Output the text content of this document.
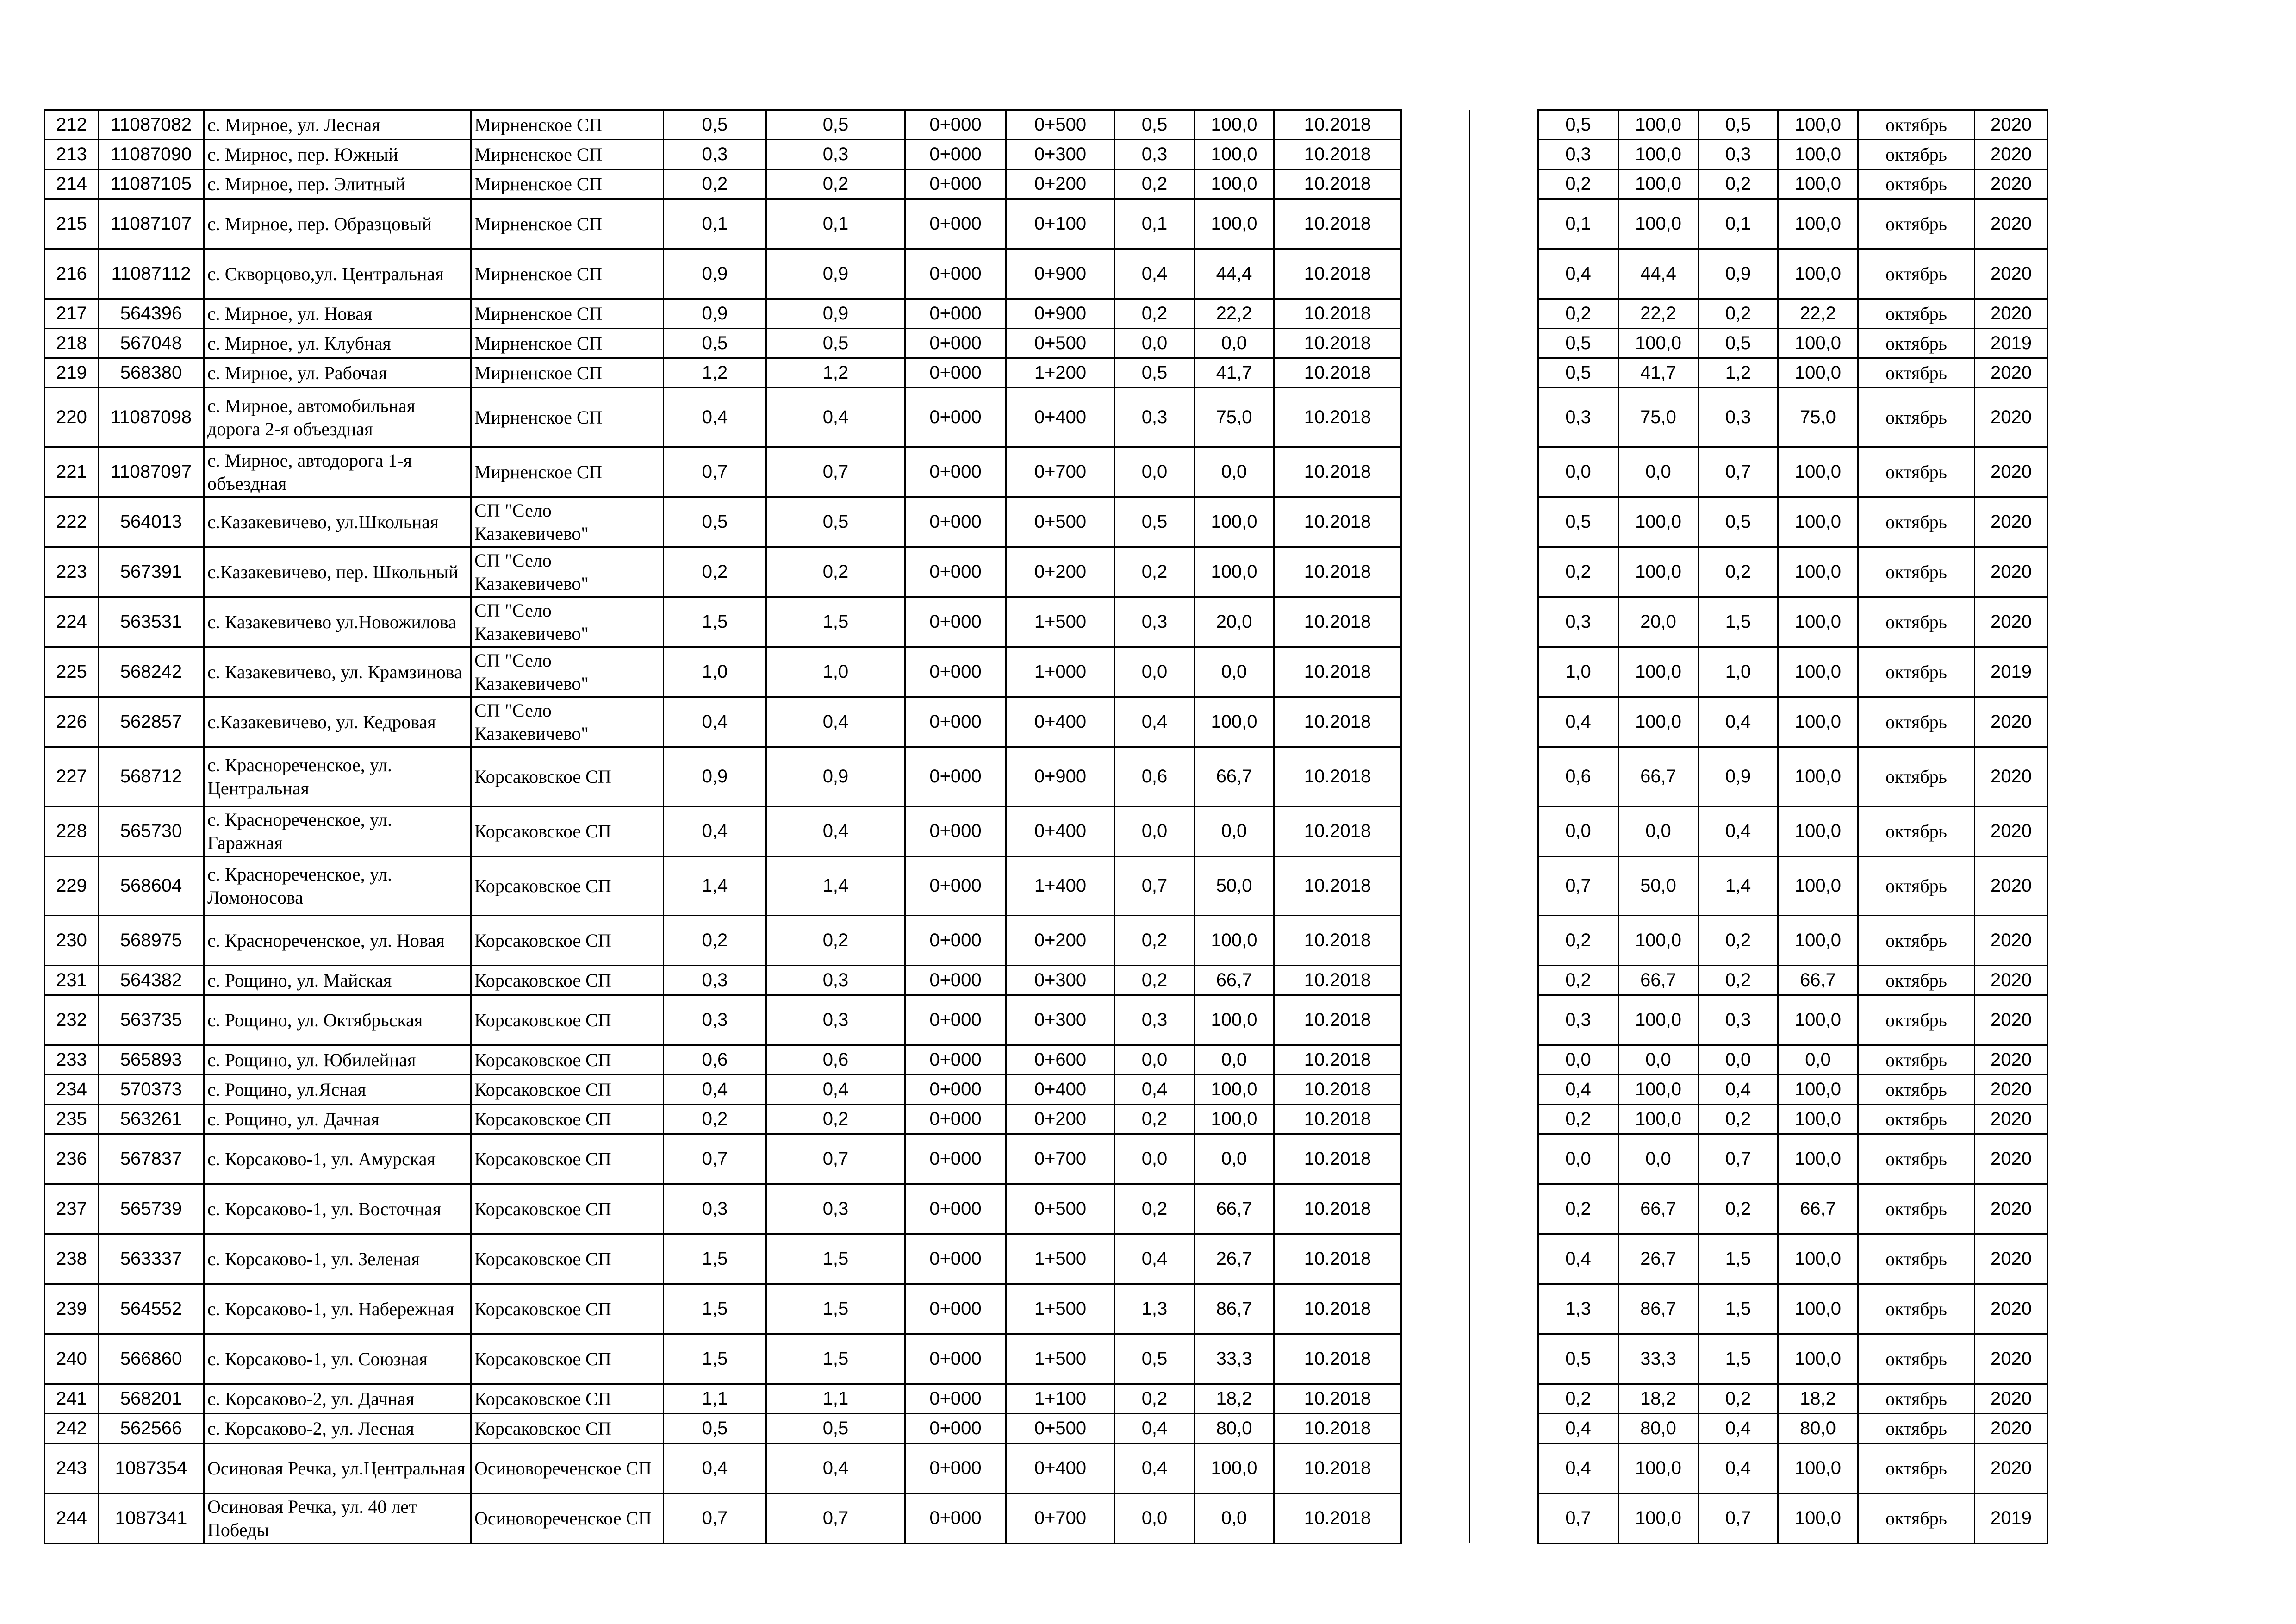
212	11087082	с. Мирное, ул. Лесная	Мирненское СП	0,5	0,5	0+000	0+500	0,5	100,0	10.2018			0,5	100,0	0,5	100,0	октябрь	2020
213	11087090	с. Мирное, пер. Южный	Мирненское СП	0,3	0,3	0+000	0+300	0,3	100,0	10.2018			0,3	100,0	0,3	100,0	октябрь	2020
214	11087105	с. Мирное, пер. Элитный	Мирненское СП	0,2	0,2	0+000	0+200	0,2	100,0	10.2018			0,2	100,0	0,2	100,0	октябрь	2020
215	11087107	с. Мирное, пер. Образцовый	Мирненское СП	0,1	0,1	0+000	0+100	0,1	100,0	10.2018			0,1	100,0	0,1	100,0	октябрь	2020
216	11087112	с. Скворцово,ул. Центральная	Мирненское СП	0,9	0,9	0+000	0+900	0,4	44,4	10.2018			0,4	44,4	0,9	100,0	октябрь	2020
217	564396	с. Мирное, ул. Новая	Мирненское СП	0,9	0,9	0+000	0+900	0,2	22,2	10.2018			0,2	22,2	0,2	22,2	октябрь	2020
218	567048	с. Мирное, ул. Клубная	Мирненское СП	0,5	0,5	0+000	0+500	0,0	0,0	10.2018			0,5	100,0	0,5	100,0	октябрь	2019
219	568380	с. Мирное, ул. Рабочая	Мирненское СП	1,2	1,2	0+000	1+200	0,5	41,7	10.2018			0,5	41,7	1,2	100,0	октябрь	2020
220	11087098	с. Мирное, автомобильная дорога 2-я объездная	Мирненское СП	0,4	0,4	0+000	0+400	0,3	75,0	10.2018			0,3	75,0	0,3	75,0	октябрь	2020
221	11087097	с. Мирное, автодорога 1-я объездная	Мирненское СП	0,7	0,7	0+000	0+700	0,0	0,0	10.2018			0,0	0,0	0,7	100,0	октябрь	2020
222	564013	с.Казакевичево, ул.Школьная	СП "Село Казакевичево"	0,5	0,5	0+000	0+500	0,5	100,0	10.2018			0,5	100,0	0,5	100,0	октябрь	2020
223	567391	с.Казакевичево, пер. Школьный	СП "Село Казакевичево"	0,2	0,2	0+000	0+200	0,2	100,0	10.2018			0,2	100,0	0,2	100,0	октябрь	2020
224	563531	с. Казакевичево ул.Новожилова	СП "Село Казакевичево"	1,5	1,5	0+000	1+500	0,3	20,0	10.2018			0,3	20,0	1,5	100,0	октябрь	2020
225	568242	с. Казакевичево, ул. Крамзинова	СП "Село Казакевичево"	1,0	1,0	0+000	1+000	0,0	0,0	10.2018			1,0	100,0	1,0	100,0	октябрь	2019
226	562857	с.Казакевичево, ул. Кедровая	СП "Село Казакевичево"	0,4	0,4	0+000	0+400	0,4	100,0	10.2018			0,4	100,0	0,4	100,0	октябрь	2020
227	568712	с. Краснореченское, ул. Центральная	Корсаковское СП	0,9	0,9	0+000	0+900	0,6	66,7	10.2018			0,6	66,7	0,9	100,0	октябрь	2020
228	565730	с. Краснореченское, ул. Гаражная	Корсаковское СП	0,4	0,4	0+000	0+400	0,0	0,0	10.2018			0,0	0,0	0,4	100,0	октябрь	2020
229	568604	с. Краснореченское, ул. Ломоносова	Корсаковское СП	1,4	1,4	0+000	1+400	0,7	50,0	10.2018			0,7	50,0	1,4	100,0	октябрь	2020
230	568975	с. Краснореченское, ул. Новая	Корсаковское СП	0,2	0,2	0+000	0+200	0,2	100,0	10.2018			0,2	100,0	0,2	100,0	октябрь	2020
231	564382	с. Рощино, ул. Майская	Корсаковское СП	0,3	0,3	0+000	0+300	0,2	66,7	10.2018			0,2	66,7	0,2	66,7	октябрь	2020
232	563735	с. Рощино, ул. Октябрьская	Корсаковское СП	0,3	0,3	0+000	0+300	0,3	100,0	10.2018			0,3	100,0	0,3	100,0	октябрь	2020
233	565893	с. Рощино, ул. Юбилейная	Корсаковское СП	0,6	0,6	0+000	0+600	0,0	0,0	10.2018			0,0	0,0	0,0	0,0	октябрь	2020
234	570373	с. Рощино, ул.Ясная	Корсаковское СП	0,4	0,4	0+000	0+400	0,4	100,0	10.2018			0,4	100,0	0,4	100,0	октябрь	2020
235	563261	с. Рощино, ул. Дачная	Корсаковское СП	0,2	0,2	0+000	0+200	0,2	100,0	10.2018			0,2	100,0	0,2	100,0	октябрь	2020
236	567837	с. Корсаково-1, ул. Амурская	Корсаковское СП	0,7	0,7	0+000	0+700	0,0	0,0	10.2018			0,0	0,0	0,7	100,0	октябрь	2020
237	565739	с. Корсаково-1, ул. Восточная	Корсаковское СП	0,3	0,3	0+000	0+500	0,2	66,7	10.2018			0,2	66,7	0,2	66,7	октябрь	2020
238	563337	с. Корсаково-1, ул. Зеленая	Корсаковское СП	1,5	1,5	0+000	1+500	0,4	26,7	10.2018			0,4	26,7	1,5	100,0	октябрь	2020
239	564552	с. Корсаково-1, ул. Набережная	Корсаковское СП	1,5	1,5	0+000	1+500	1,3	86,7	10.2018			1,3	86,7	1,5	100,0	октябрь	2020
240	566860	с. Корсаково-1, ул. Союзная	Корсаковское СП	1,5	1,5	0+000	1+500	0,5	33,3	10.2018			0,5	33,3	1,5	100,0	октябрь	2020
241	568201	с. Корсаково-2, ул. Дачная	Корсаковское СП	1,1	1,1	0+000	1+100	0,2	18,2	10.2018			0,2	18,2	0,2	18,2	октябрь	2020
242	562566	с. Корсаково-2, ул. Лесная	Корсаковское СП	0,5	0,5	0+000	0+500	0,4	80,0	10.2018			0,4	80,0	0,4	80,0	октябрь	2020
243	1087354	Осиновая Речка, ул.Центральная	Осиновореченское СП	0,4	0,4	0+000	0+400	0,4	100,0	10.2018			0,4	100,0	0,4	100,0	октябрь	2020
244	1087341	Осиновая Речка, ул. 40 лет Победы	Осиновореченское СП	0,7	0,7	0+000	0+700	0,0	0,0	10.2018			0,7	100,0	0,7	100,0	октябрь	2019
